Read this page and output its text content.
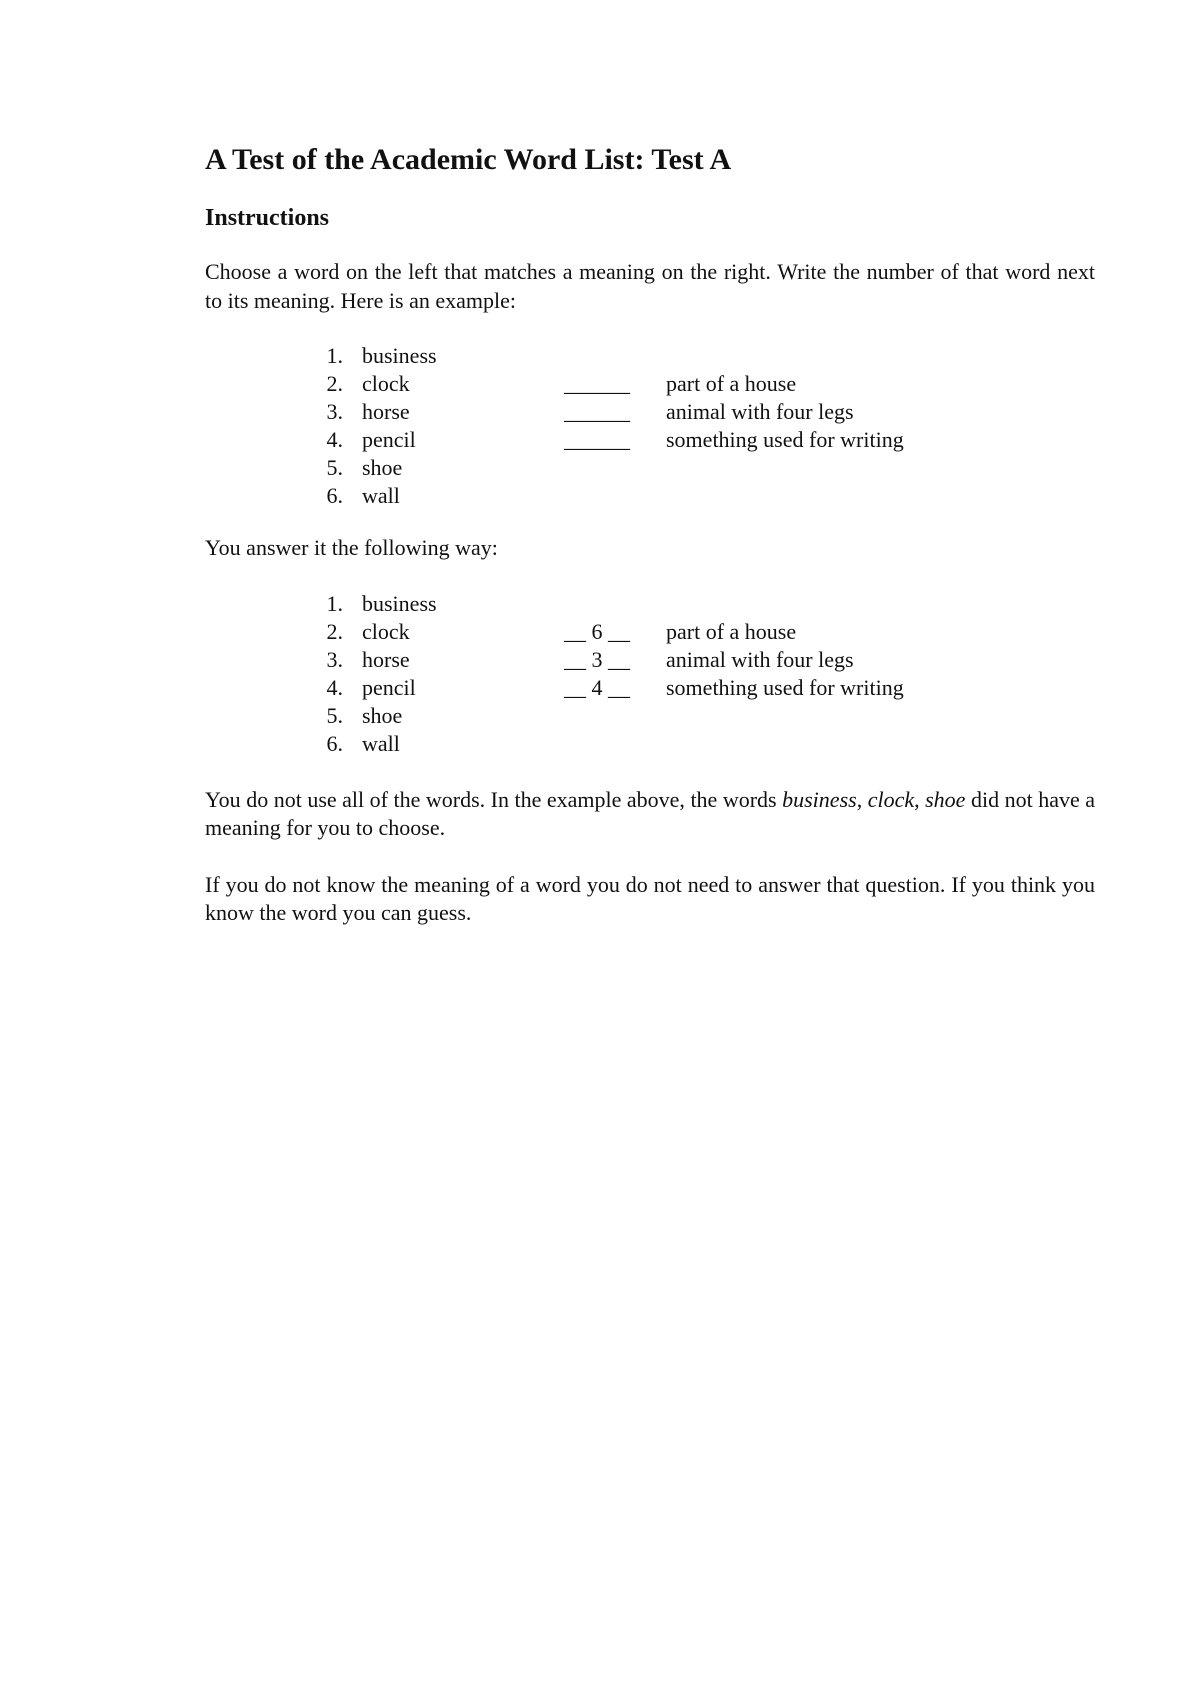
A Test of the Academic Word List: Test A
Instructions

Choose a word on the left that matches a meaning on the right. Write the number of that word next to its meaning. Here is an example:

1. business
2. clock	______	part of a house
3. horse	______	animal with four legs
4. pencil	______	something used for writing
5. shoe
6. wall

You answer it the following way:

1. business
2. clock	__ 6 __	part of a house
3. horse	__ 3 __	animal with four legs
4. pencil	__ 4 __	something used for writing
5. shoe
6. wall

You do not use all of the words. In the example above, the words business, clock, shoe did not have a meaning for you to choose.

If you do not know the meaning of a word you do not need to answer that question. If you think you know the word you can guess.
